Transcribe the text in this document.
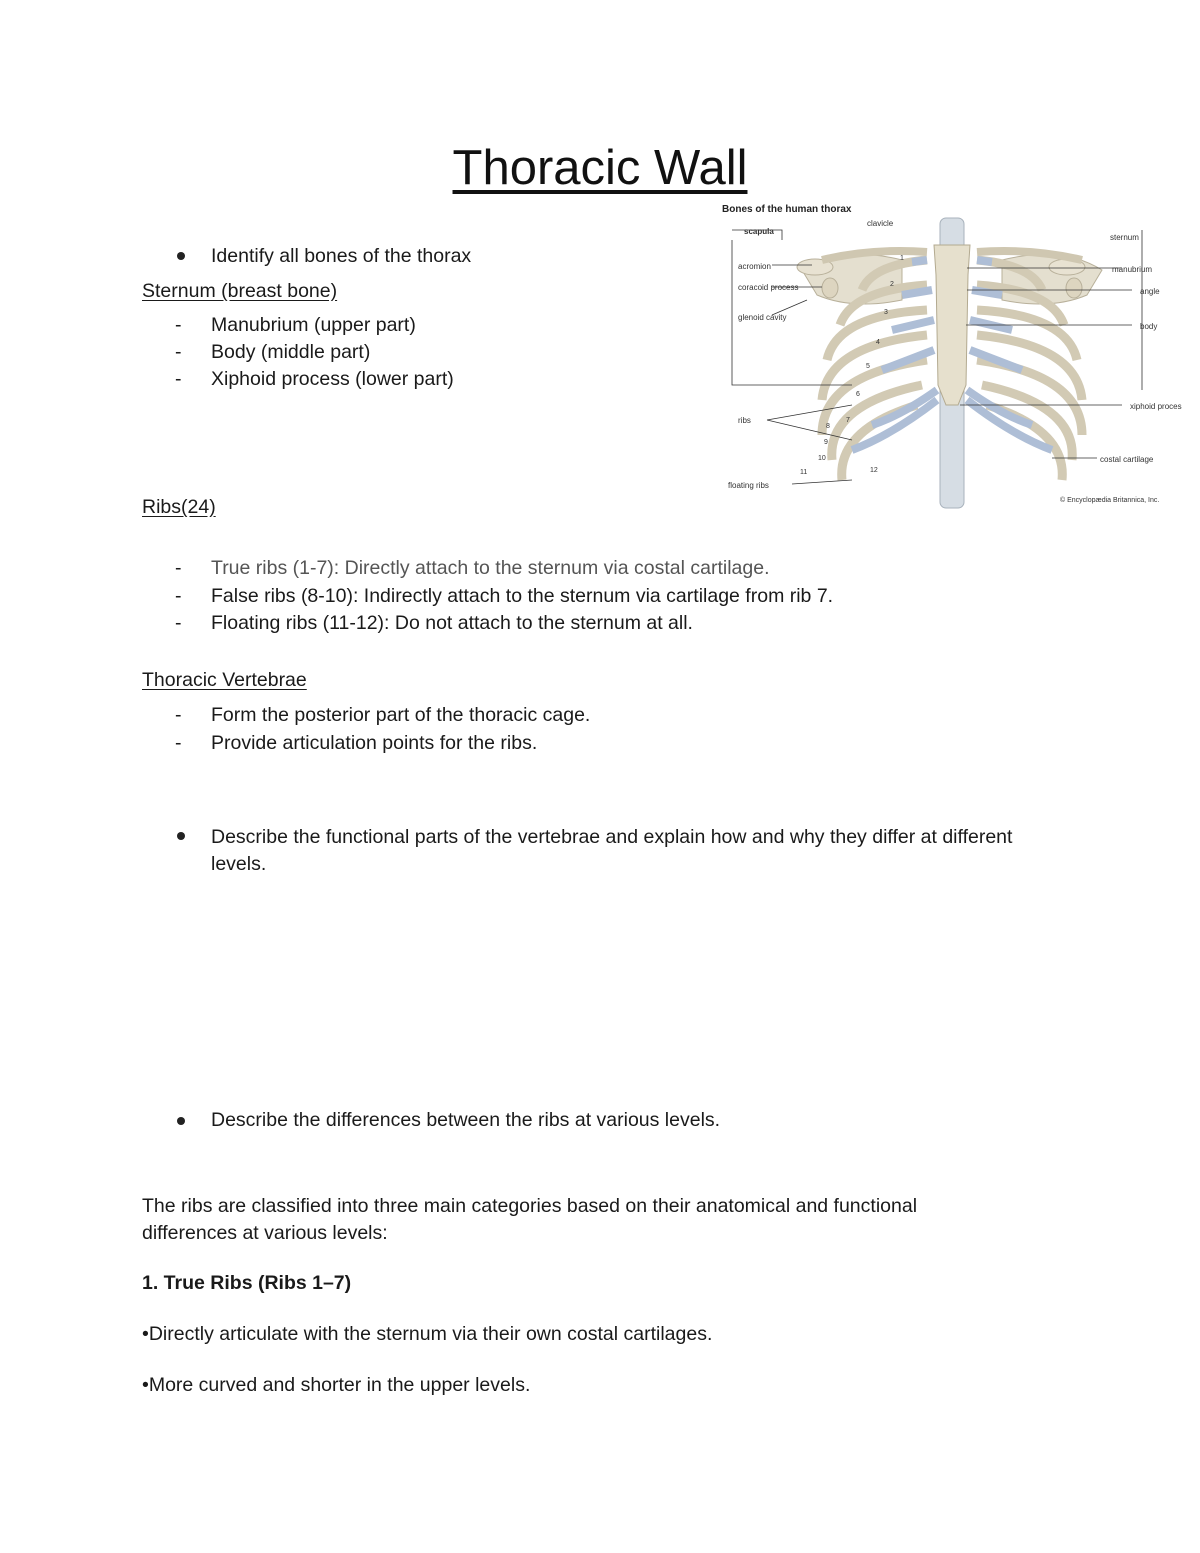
Thoracic Wall
Identify all bones of the thorax
Sternum (breast bone)
- Manubrium (upper part)
- Body (middle part)
- Xiphoid process (lower part)
Bones of the human thorax
scapula
clavicle
acromion
coracoid process
glenoid cavity
ribs
floating ribs
sternum
manubrium
angle
body
xiphoid process
costal cartilage
© Encyclopædia Britannica, Inc.
1
2
3
4
5
6
7
8
9
10
11	12
Ribs(24)
- True ribs (1-7): Directly attach to the sternum via costal cartilage.
- False ribs (8-10): Indirectly attach to the sternum via cartilage from rib 7.
- Floating ribs (11-12): Do not attach to the sternum at all.
Thoracic Vertebrae
- Form the posterior part of the thoracic cage.
- Provide articulation points for the ribs.
Describe the functional parts of the vertebrae and explain how and why they differ at different levels.
Describe the differences between the ribs at various levels.
The ribs are classified into three main categories based on their anatomical and functional differences at various levels:
1. True Ribs (Ribs 1–7)
•Directly articulate with the sternum via their own costal cartilages.
•More curved and shorter in the upper levels.
